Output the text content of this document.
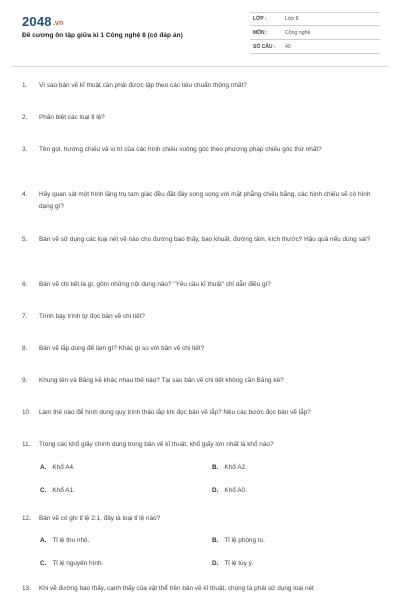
2048.vn
Đề cương ôn tập giữa kì 1 Công nghệ 8 (có đáp án)
LỚP :	Lớp 8
MÔN :	Công nghệ
SỐ CÂU :	40
1.	Vì sao bản vẽ kĩ thuật cần phải được lập theo các tiêu chuẩn thống nhất?
2.	Phân biệt các loại tỉ lệ?
3.	Tên gọi, hướng chiếu và vị trí của các hình chiếu vuông góc theo phương pháp chiếu góc thứ nhất?
4.	Hãy quan sát một hình lăng trụ tam giác đều đặt đáy song song với mặt phẳng chiếu bằng, các hình chiếu sẽ có hình dạng gì?
5.	Bản vẽ sử dụng các loại nét vẽ nào cho đường bao thấy, bao khuất, đường tâm, kích thước? Hậu quả nếu dùng sai?
6.	Bản vẽ chi tiết là gì, gồm những nội dung nào? "Yêu cầu kĩ thuật" chỉ dẫn điều gì?
7.	Trình bày trình tự đọc bản vẽ chi tiết?
8.	Bản vẽ lắp dùng để làm gì? Khác gì so với bản vẽ chi tiết?
9.	Khung tên và Bảng kê khác nhau thế nào? Tại sao bản vẽ chi tiết không cần Bảng kê?
10.	Làm thế nào để hình dung quy trình tháo lắp khi đọc bản vẽ lắp? Nêu các bước đọc bản vẽ lắp?
11.	Trong các khổ giấy chính dùng trong bản vẽ kĩ thuật, khổ giấy lớn nhất là khổ nào?
A. Khổ A4.	B. Khổ A2.
C. Khổ A1.	D. Khổ A0.
12.	Bản vẽ có ghi tỉ lệ 2:1, đây là loại tỉ lệ nào?
A. Tỉ lệ thu nhỏ.	B. Tỉ lệ phóng to.
C. Tỉ lệ nguyên hình.	D. Tỉ lệ tùy ý.
13.	Khi vẽ đường bao thấy, cạnh thấy của vật thể trên bản vẽ kĩ thuật, chúng ta phải sử dụng loại nét
